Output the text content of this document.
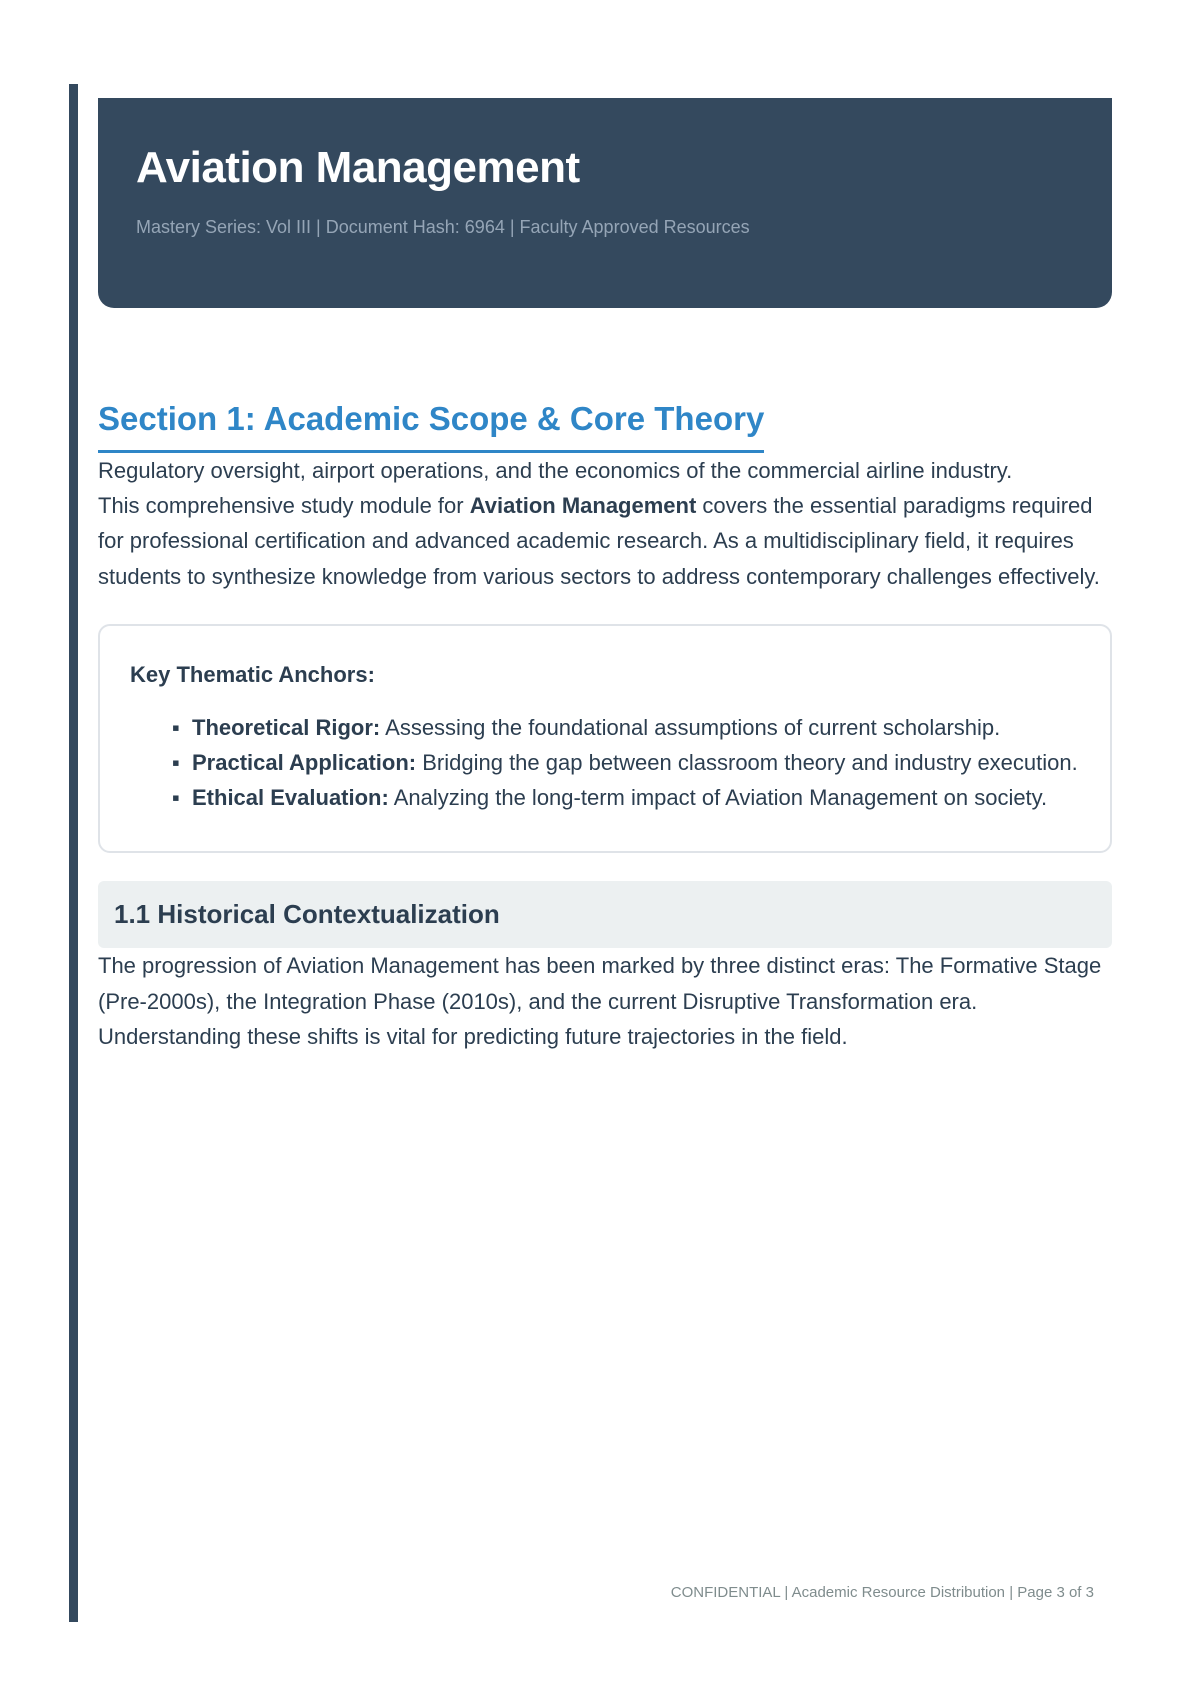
Aviation Management
Mastery Series: Vol III | Document Hash: 6964 | Faculty Approved Resources
Section 1: Academic Scope & Core Theory

Regulatory oversight, airport operations, and the economics of the commercial airline industry.

This comprehensive study module for Aviation Management covers the essential paradigms required for professional certification and advanced academic research. As a multidisciplinary field, it requires students to synthesize knowledge from various sectors to address contemporary challenges effectively.

Key Thematic Anchors:
▪ Theoretical Rigor: Assessing the foundational assumptions of current scholarship.
▪ Practical Application: Bridging the gap between classroom theory and industry execution.
▪ Ethical Evaluation: Analyzing the long-term impact of Aviation Management on society.
1.1 Historical Contextualization

The progression of Aviation Management has been marked by three distinct eras: The Formative Stage (Pre-2000s), the Integration Phase (2010s), and the current Disruptive Transformation era. Understanding these shifts is vital for predicting future trajectories in the field.

CONFIDENTIAL | Academic Resource Distribution | Page 3 of 3
